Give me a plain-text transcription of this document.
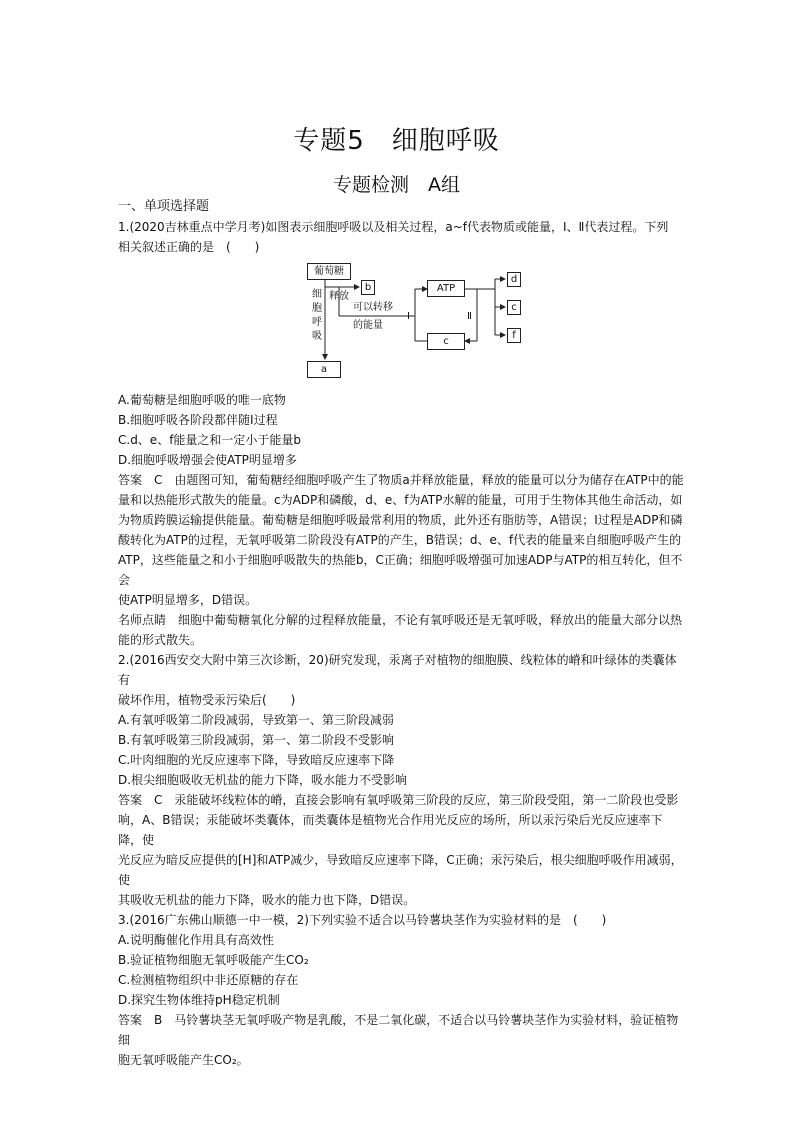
专题5　细胞呼吸
专题检测　A组

一、单项选择题

1.(2020吉林重点中学月考)如图表示细胞呼吸以及相关过程，a~f代表物质或能量，Ⅰ、Ⅱ代表过程。下列

相关叙述正确的是　(　　)

葡萄糖
细
胞
呼
吸
释放
b
a
可以转移
的能量
Ⅰ
ATP
c
Ⅱ
d
c
f

A.葡萄糖是细胞呼吸的唯一底物

B.细胞呼吸各阶段都伴随Ⅰ过程

C.d、e、f能量之和一定小于能量b

D.细胞呼吸增强会使ATP明显增多

答案　C　由题图可知，葡萄糖经细胞呼吸产生了物质a并释放能量，释放的能量可以分为储存在ATP中的能

量和以热能形式散失的能量。c为ADP和磷酸，d、e、f为ATP水解的能量，可用于生物体其他生命活动，如

为物质跨膜运输提供能量。葡萄糖是细胞呼吸最常利用的物质，此外还有脂肪等，A错误；Ⅰ过程是ADP和磷

酸转化为ATP的过程，无氧呼吸第二阶段没有ATP的产生，B错误；d、e、f代表的能量来自细胞呼吸产生的

ATP，这些能量之和小于细胞呼吸散失的热能b，C正确；细胞呼吸增强可加速ADP与ATP的相互转化，但不会

使ATP明显增多，D错误。

名师点睛　细胞中葡萄糖氧化分解的过程释放能量，不论有氧呼吸还是无氧呼吸，释放出的能量大部分以热

能的形式散失。

2.(2016西安交大附中第三次诊断，20)研究发现，汞离子对植物的细胞膜、线粒体的嵴和叶绿体的类囊体有

破坏作用，植物受汞污染后(　　)

A.有氧呼吸第二阶段减弱，导致第一、第三阶段减弱

B.有氧呼吸第三阶段减弱，第一、第二阶段不受影响

C.叶肉细胞的光反应速率下降，导致暗反应速率下降

D.根尖细胞吸收无机盐的能力下降，吸水能力不受影响

答案　C　汞能破坏线粒体的嵴，直接会影响有氧呼吸第三阶段的反应，第三阶段受阻，第一二阶段也受影

响，A、B错误；汞能破坏类囊体，而类囊体是植物光合作用光反应的场所，所以汞污染后光反应速率下降，使

光反应为暗反应提供的[H]和ATP减少，导致暗反应速率下降，C正确；汞污染后，根尖细胞呼吸作用减弱，使

其吸收无机盐的能力下降，吸水的能力也下降，D错误。

3.(2016广东佛山顺德一中一模，2)下列实验不适合以马铃薯块茎作为实验材料的是　(　　)

A.说明酶催化作用具有高效性

B.验证植物细胞无氧呼吸能产生CO₂

C.检测植物组织中非还原糖的存在

D.探究生物体维持pH稳定机制

答案　B　马铃薯块茎无氧呼吸产物是乳酸，不是二氧化碳，不适合以马铃薯块茎作为实验材料，验证植物细

胞无氧呼吸能产生CO₂。
